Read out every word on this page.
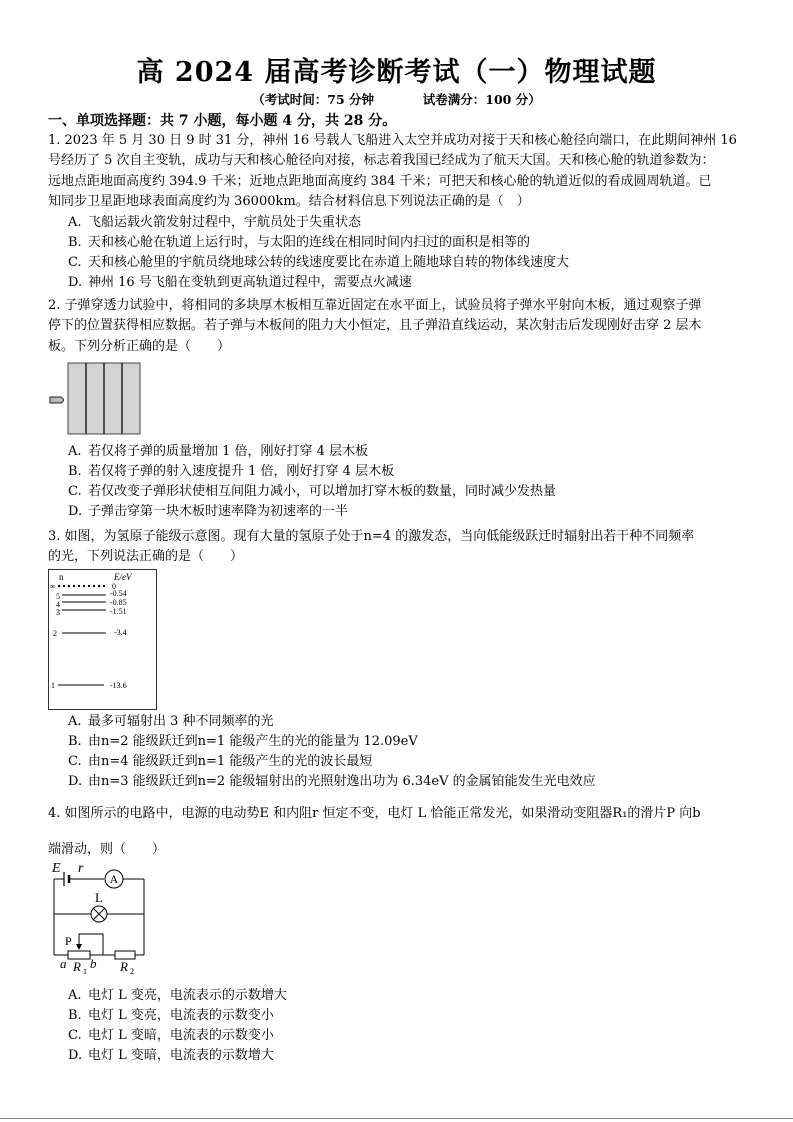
高 2024 届高考诊断考试（一）物理试题
（考试时间：75 分钟	试卷满分：100 分）
一、单项选择题：共 7 小题，每小题 4 分，共 28 分。
1. 2023 年 5 月 30 日 9 时 31 分，神州 16 号载人飞船进入太空并成功对接于天和核心舱径向端口，在此期间神州 16
号经历了 5 次自主变轨，成功与天和核心舱径向对接，标志着我国已经成为了航天大国。天和核心舱的轨道参数为：
远地点距地面高度约 394.9 千米；近地点距地面高度约 384 千米；可把天和核心舱的轨道近似的看成圆周轨道。已
知同步卫星距地球表面高度约为 36000km。结合材料信息下列说法正确的是（　）
A. 飞船运载火箭发射过程中，宇航员处于失重状态
B. 天和核心舱在轨道上运行时，与太阳的连线在相同时间内扫过的面积是相等的
C. 天和核心舱里的宇航员绕地球公转的线速度要比在赤道上随地球自转的物体线速度大
D. 神州 16 号飞船在变轨到更高轨道过程中，需要点火减速
2. 子弹穿透力试验中，将相同的多块厚木板相互靠近固定在水平面上，试验员将子弹水平射向木板，通过观察子弹
停下的位置获得相应数据。若子弹与木板间的阻力大小恒定，且子弹沿直线运动，某次射击后发现刚好击穿 2 层木
板。下列分析正确的是（　　）
A. 若仅将子弹的质量增加 1 倍，刚好打穿 4 层木板
B. 若仅将子弹的射入速度提升 1 倍，刚好打穿 4 层木板
C. 若仅改变子弹形状使相互间阻力减小，可以增加打穿木板的数量，同时减少发热量
D. 子弹击穿第一块木板时速率降为初速率的一半
3. 如图，为氢原子能级示意图。现有大量的氢原子处于n=4 的激发态，当向低能级跃迁时辐射出若干种不同频率
的光，下列说法正确的是（　　）
n	E/eV
∞	0
5	-0.54
4	-0.85
3	-1.51
2	-3.4
1	-13.6
A. 最多可辐射出 3 种不同频率的光
B. 由n=2 能级跃迁到n=1 能级产生的光的能量为 12.09eV
C. 由n=4 能级跃迁到n=1 能级产生的光的波长最短
D. 由n=3 能级跃迁到n=2 能级辐射出的光照射逸出功为 6.34eV 的金属铂能发生光电效应
4. 如图所示的电路中，电源的电动势E 和内阻r 恒定不变，电灯 L 恰能正常发光，如果滑动变阻器R₁的滑片P 向b
端滑动，则（　　）
A
E r
L
P
a R 1
b R 2
A. 电灯 L 变亮，电流表示的示数增大
B. 电灯 L 变亮，电流表的示数变小
C. 电灯 L 变暗，电流表的示数变小
D. 电灯 L 变暗，电流表的示数增大
